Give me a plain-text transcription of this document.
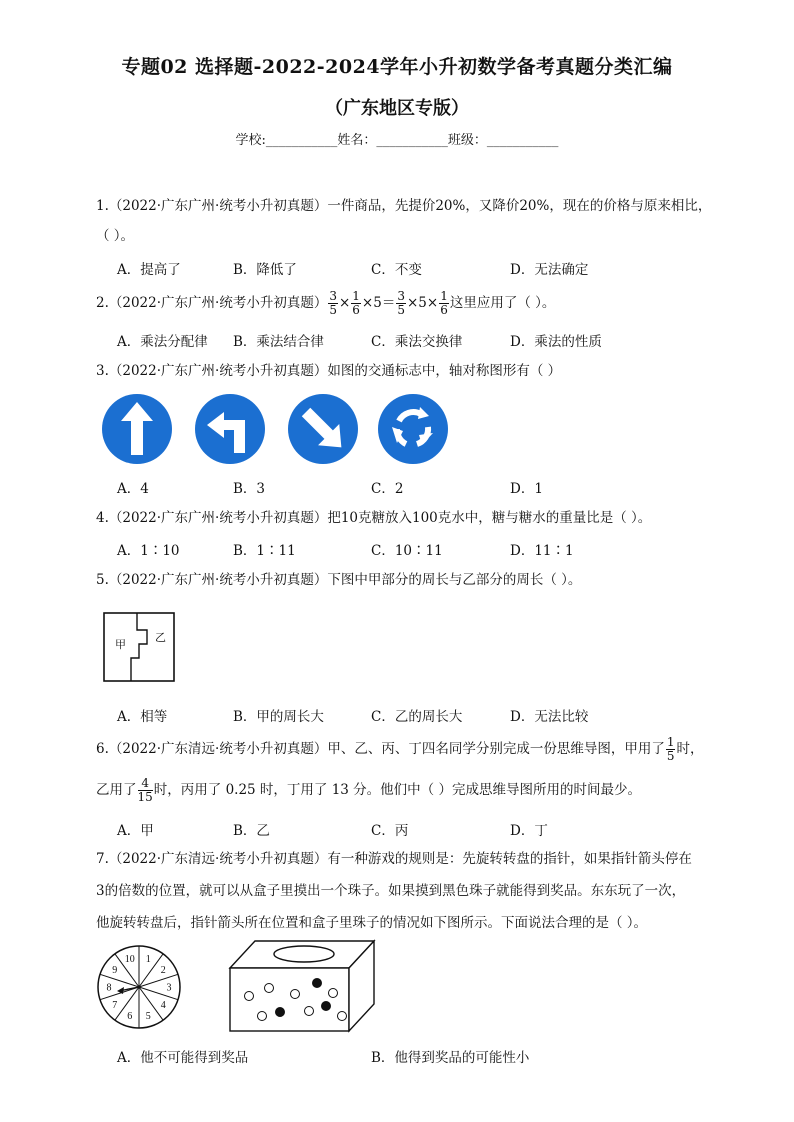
专题02 选择题-2022-2024学年小升初数学备考真题分类汇编
（广东地区专版）
学校:___________姓名：___________班级：___________
1.（2022·广东广州·统考小升初真题）一件商品，先提价20%，又降价20%，现在的价格与原来相比，
（ ）。
A．提高了	B．降低了	C．不变	D．无法确定
2.（2022·广东广州·统考小升初真题） $\frac{3}{5} \times \frac{1}{6} \times 5= \frac{3}{5} \times 5\times \frac{1}{6}$ 这里应用了（ ）。
A．乘法分配律 B．乘法结合律	C．乘法交换律	D．乘法的性质
3.（2022·广东广州·统考小升初真题）如图的交通标志中，轴对称图形有（ ）
A．4	B．3	C．2	D．1
4.（2022·广东广州·统考小升初真题）把10克糖放入100克水中，糖与糖水的重量比是（ ）。
A．1∶10	B．1∶11	C．10∶11	D．11∶1
5.（2022·广东广州·统考小升初真题）下图中甲部分的周长与乙部分的周长（ ）。
甲
乙
A．相等	B．甲的周长大	C．乙的周长大	D．无法比较
6.（2022·广东清远·统考小升初真题）甲、乙、丙、丁四名同学分别完成一份思维导图，甲用了 $\frac{1}{5}$ 时，
乙用了 $\frac{4}{15}$ 时，丙用了 0.25 时，丁用了 13 分。他们中（ ）完成思维导图所用的时间最少。
A．甲	B．乙	C．丙	D．丁
7.（2022·广东清远·统考小升初真题）有一种游戏的规则是：先旋转转盘的指针，如果指针箭头停在
3的倍数的位置，就可以从盒子里摸出一个珠子。如果摸到黑色珠子就能得到奖品。东东玩了一次，
他旋转转盘后，指针箭头所在位置和盒子里珠子的情况如下图所示。下面说法合理的是（ ）。
1
2
3
4
5
6
7
8
9
10
A．他不可能得到奖品	B．他得到奖品的可能性小
